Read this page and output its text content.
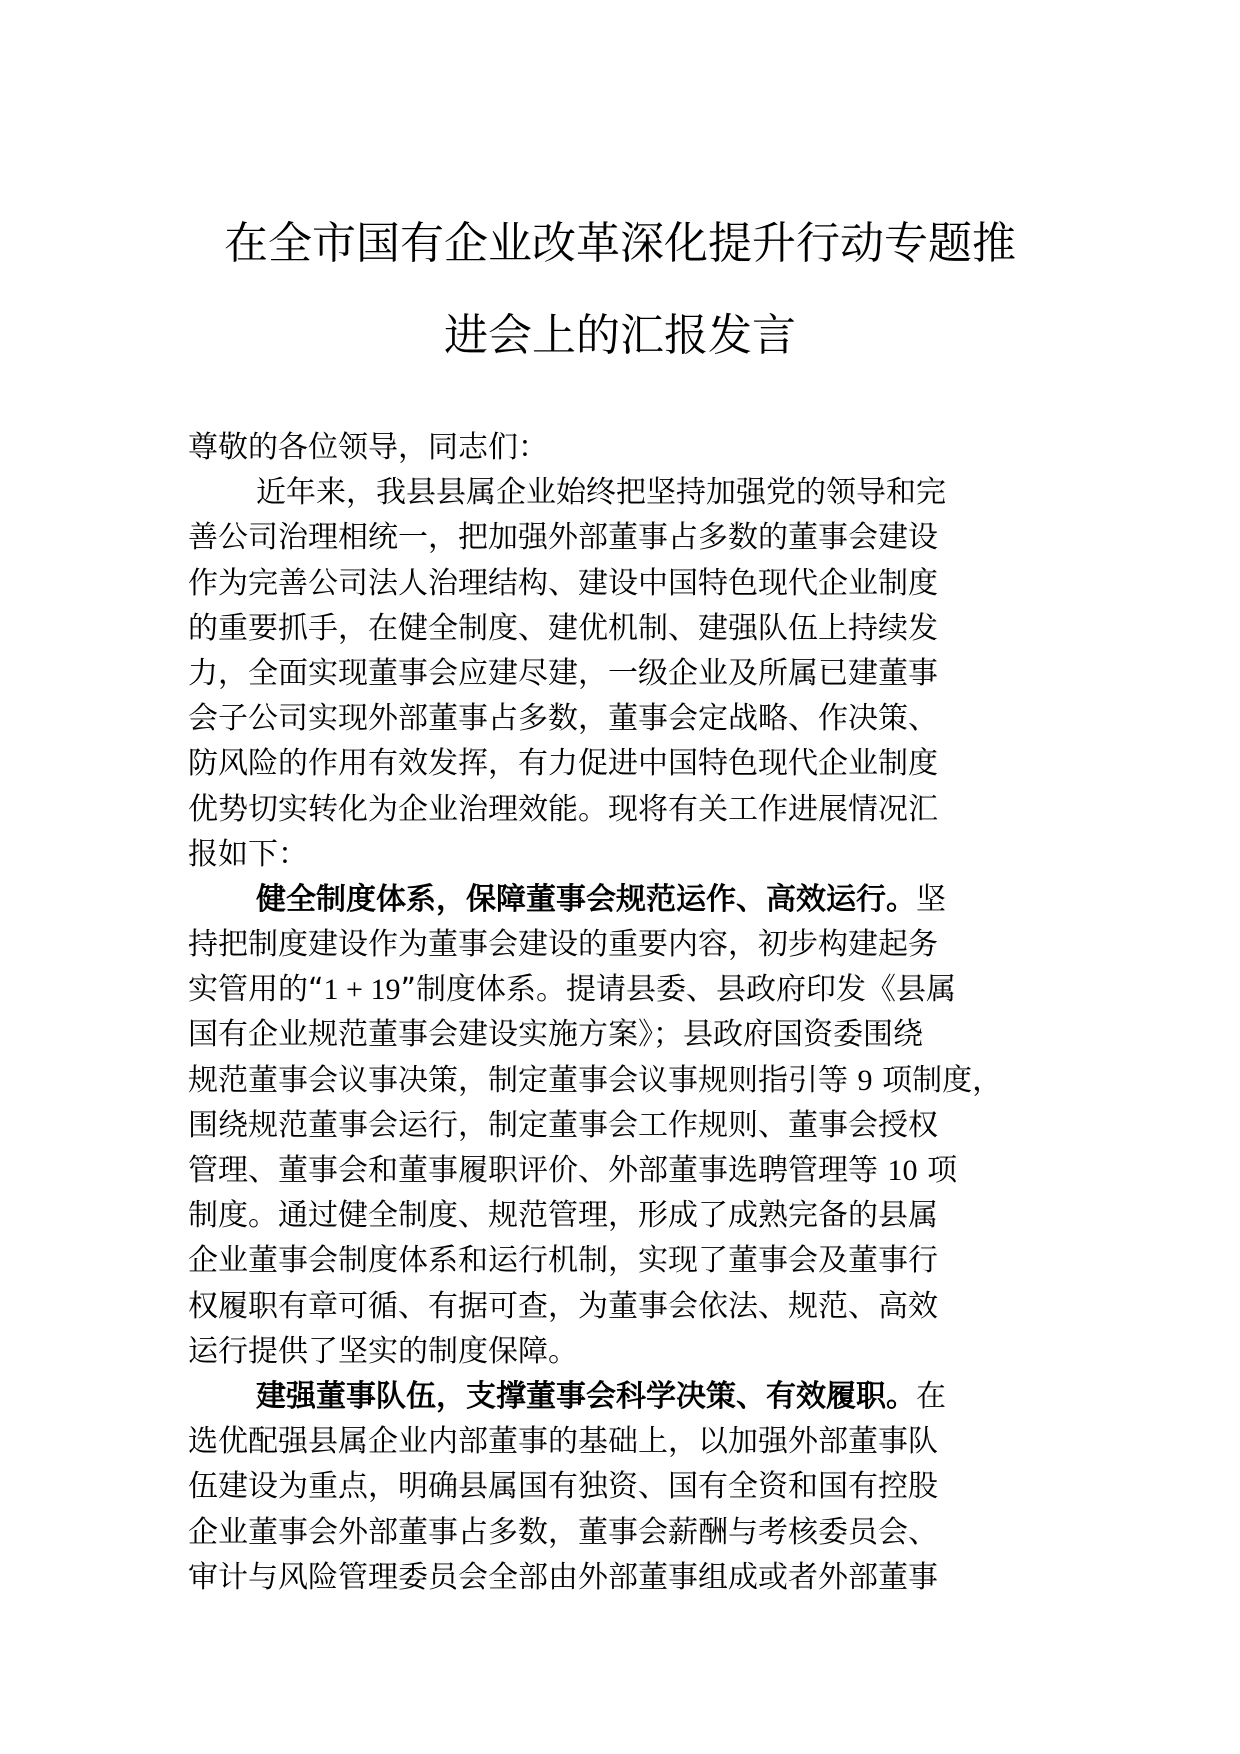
在全市国有企业改革深化提升行动专题推
进会上的汇报发言
尊敬的各位领导，同志们：
近年来，我县县属企业始终把坚持加强党的领导和完
善公司治理相统一，把加强外部董事占多数的董事会建设
作为完善公司法人治理结构、建设中国特色现代企业制度
的重要抓手，在健全制度、建优机制、建强队伍上持续发
力，全面实现董事会应建尽建，一级企业及所属已建董事
会子公司实现外部董事占多数，董事会定战略、作决策、
防风险的作用有效发挥，有力促进中国特色现代企业制度
优势切实转化为企业治理效能。现将有关工作进展情况汇
报如下：
健全制度体系，保障董事会规范运作、高效运行。坚
持把制度建设作为董事会建设的重要内容，初步构建起务
实管用的“1 + 19”制度体系。提请县委、县政府印发《县属
国有企业规范董事会建设实施方案》；县政府国资委围绕
规范董事会议事决策，制定董事会议事规则指引等 9 项制度，
围绕规范董事会运行，制定董事会工作规则、董事会授权
管理、董事会和董事履职评价、外部董事选聘管理等 10 项
制度。通过健全制度、规范管理，形成了成熟完备的县属
企业董事会制度体系和运行机制，实现了董事会及董事行
权履职有章可循、有据可查，为董事会依法、规范、高效
运行提供了坚实的制度保障。
建强董事队伍，支撑董事会科学决策、有效履职。在
选优配强县属企业内部董事的基础上，以加强外部董事队
伍建设为重点，明确县属国有独资、国有全资和国有控股
企业董事会外部董事占多数，董事会薪酬与考核委员会、
审计与风险管理委员会全部由外部董事组成或者外部董事
